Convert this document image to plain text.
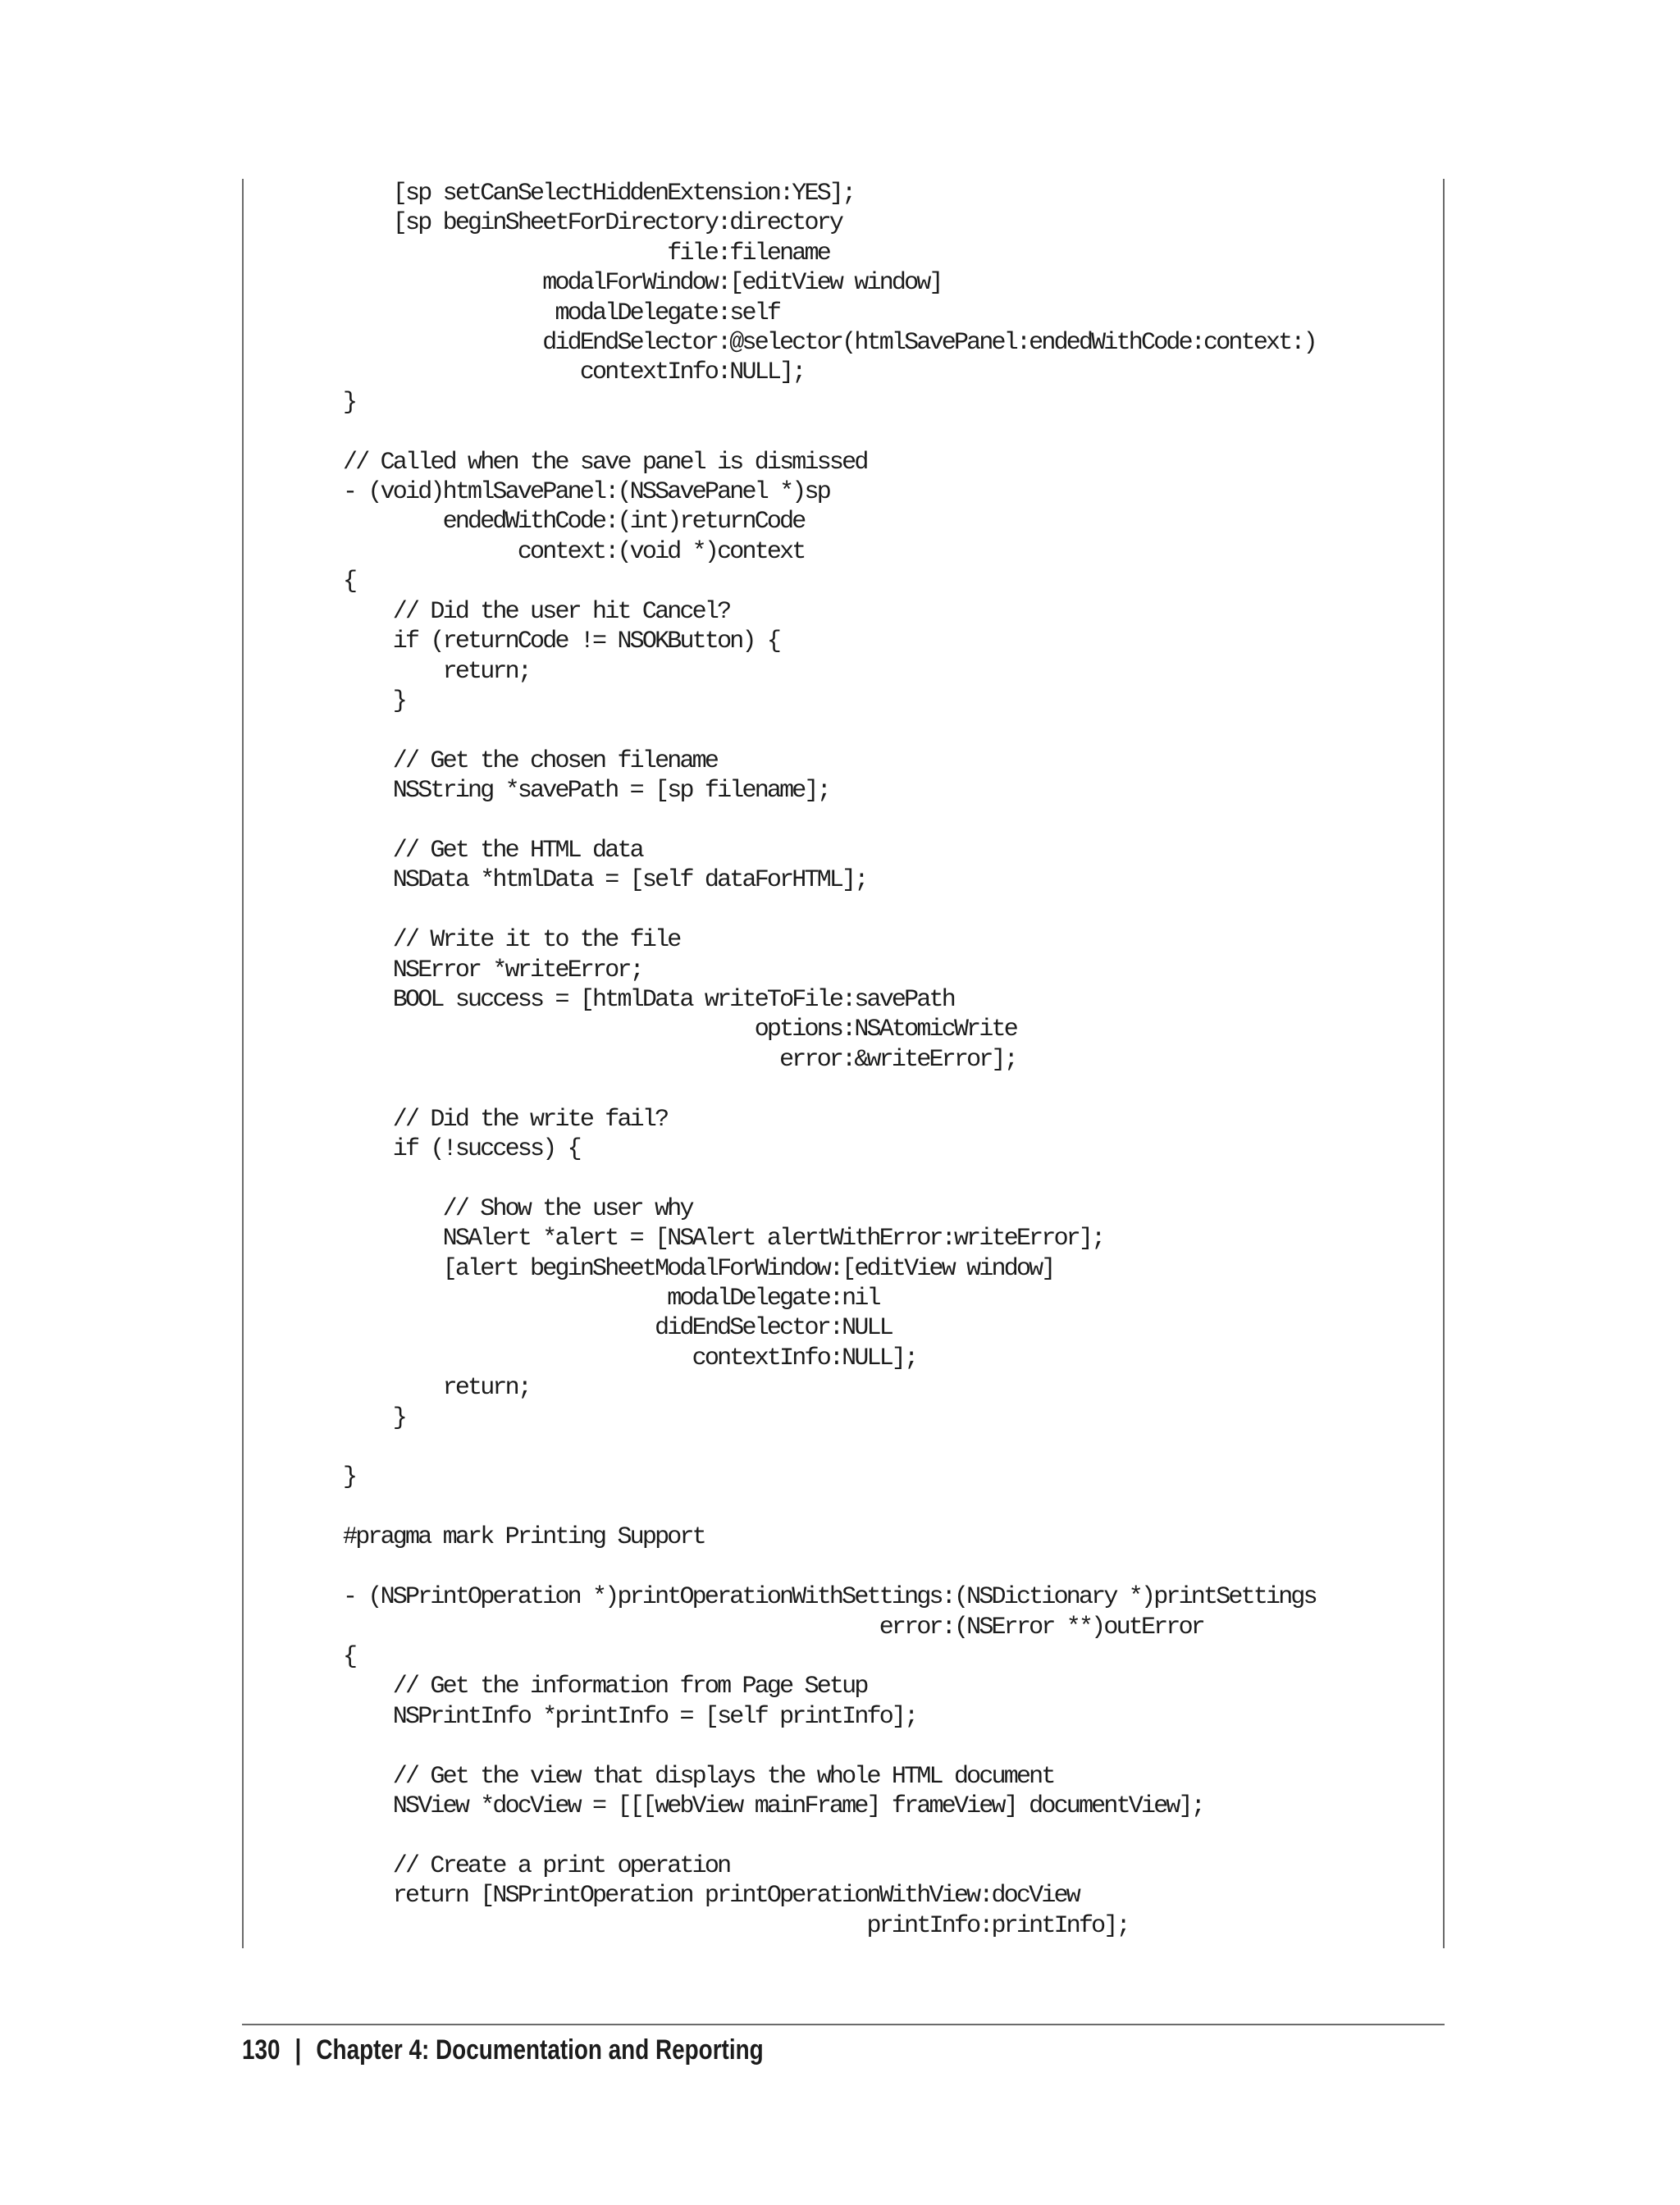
[sp setCanSelectHiddenExtension:YES];
[sp beginSheetForDirectory:directory
file:filename
modalForWindow:[editView window]
modalDelegate:self
didEndSelector:@selector(htmlSavePanel:endedWithCode:context:)
contextInfo:NULL];
}

// Called when the save panel is dismissed
- (void)htmlSavePanel:(NSSavePanel *)sp
endedWithCode:(int)returnCode
context:(void *)context
{
// Did the user hit Cancel?
if (returnCode != NSOKButton) {
return;
}

// Get the chosen filename
NSString *savePath = [sp filename];

// Get the HTML data
NSData *htmlData = [self dataForHTML];

// Write it to the file
NSError *writeError;
BOOL success = [htmlData writeToFile:savePath
options:NSAtomicWrite
error:&writeError];

// Did the write fail?
if (!success) {

// Show the user why
NSAlert *alert = [NSAlert alertWithError:writeError];
[alert beginSheetModalForWindow:[editView window]
modalDelegate:nil
didEndSelector:NULL
contextInfo:NULL];
return;
}

}

#pragma mark Printing Support

- (NSPrintOperation *)printOperationWithSettings:(NSDictionary *)printSettings
error:(NSError **)outError
{
// Get the information from Page Setup
NSPrintInfo *printInfo = [self printInfo];

// Get the view that displays the whole HTML document
NSView *docView = [[[webView mainFrame] frameView] documentView];

// Create a print operation
return [NSPrintOperation printOperationWithView:docView
printInfo:printInfo];
130 | Chapter 4: Documentation and Reporting
